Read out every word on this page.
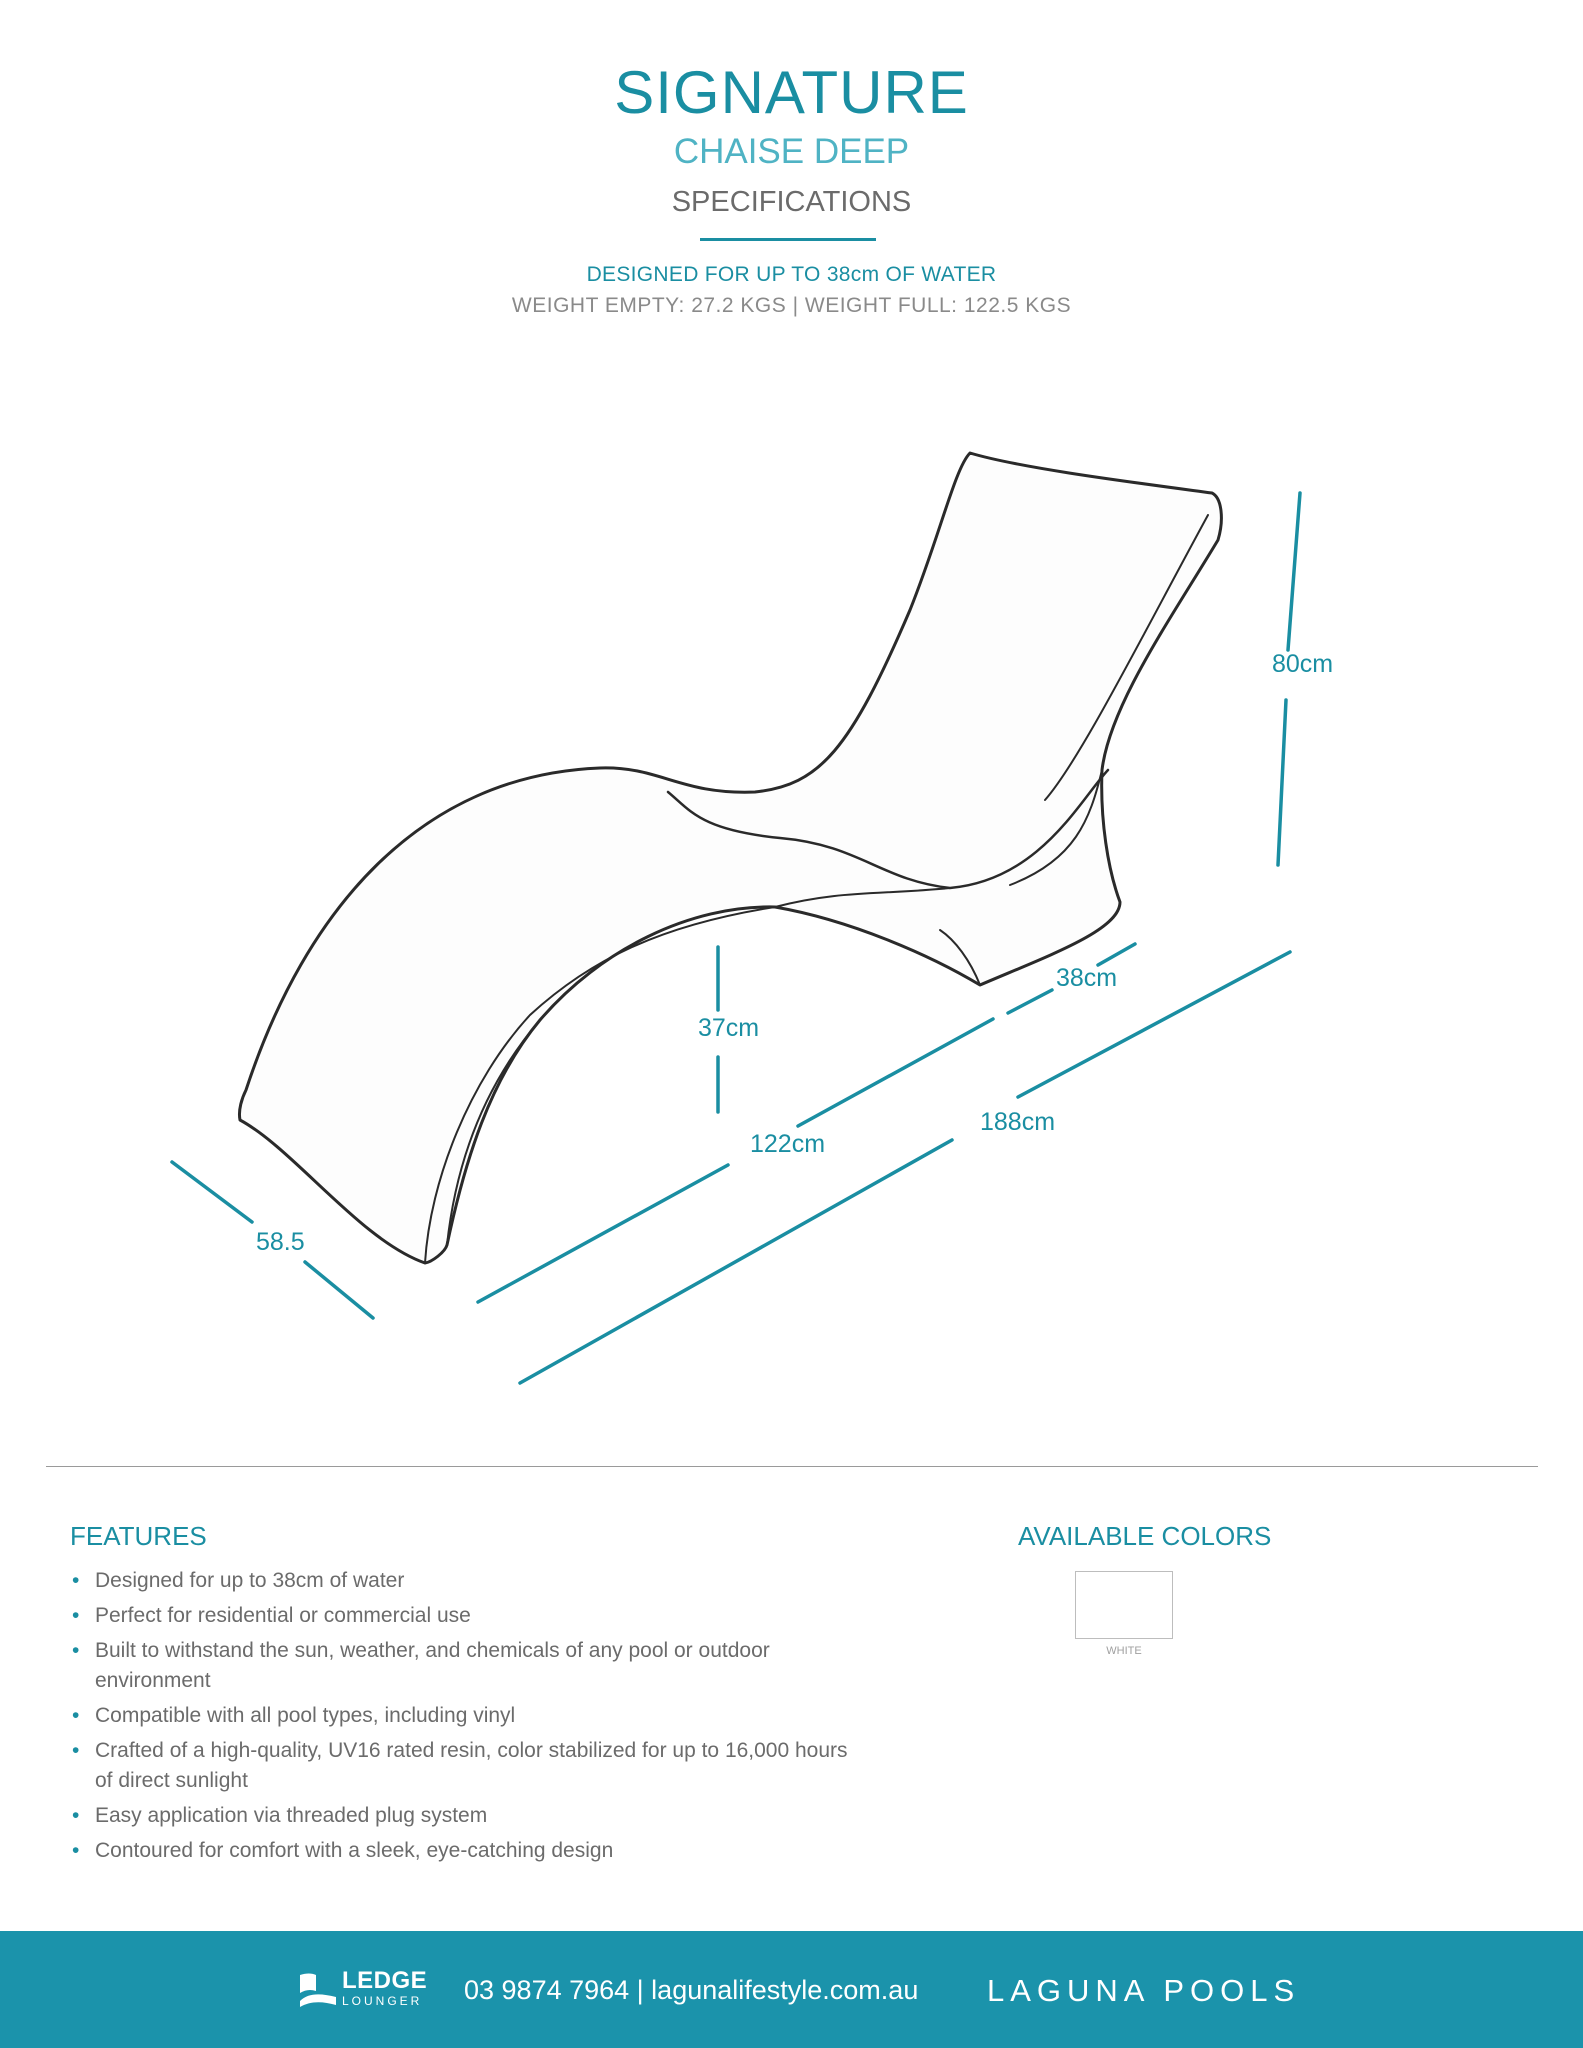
SIGNATURE
CHAISE DEEP
SPECIFICATIONS
DESIGNED FOR UP TO 38cm OF WATER
WEIGHT EMPTY: 27.2 KGS | WEIGHT FULL: 122.5 KGS
80cm
58.5
37cm
122cm
188cm
38cm
FEATURES
• Designed for up to 38cm of water
• Perfect for residential or commercial use
• Built to withstand the sun, weather, and chemicals of any pool or outdoor environment
• Compatible with all pool types, including vinyl
• Crafted of a high-quality, UV16 rated resin, color stabilized for up to 16,000 hours of direct sunlight
• Easy application via threaded plug system
• Contoured for comfort with a sleek, eye-catching design
AVAILABLE COLORS
WHITE
LEDGE
LOUNGER 03 9874 7964 | lagunalifestyle.com.au LAGUNA POOLS
